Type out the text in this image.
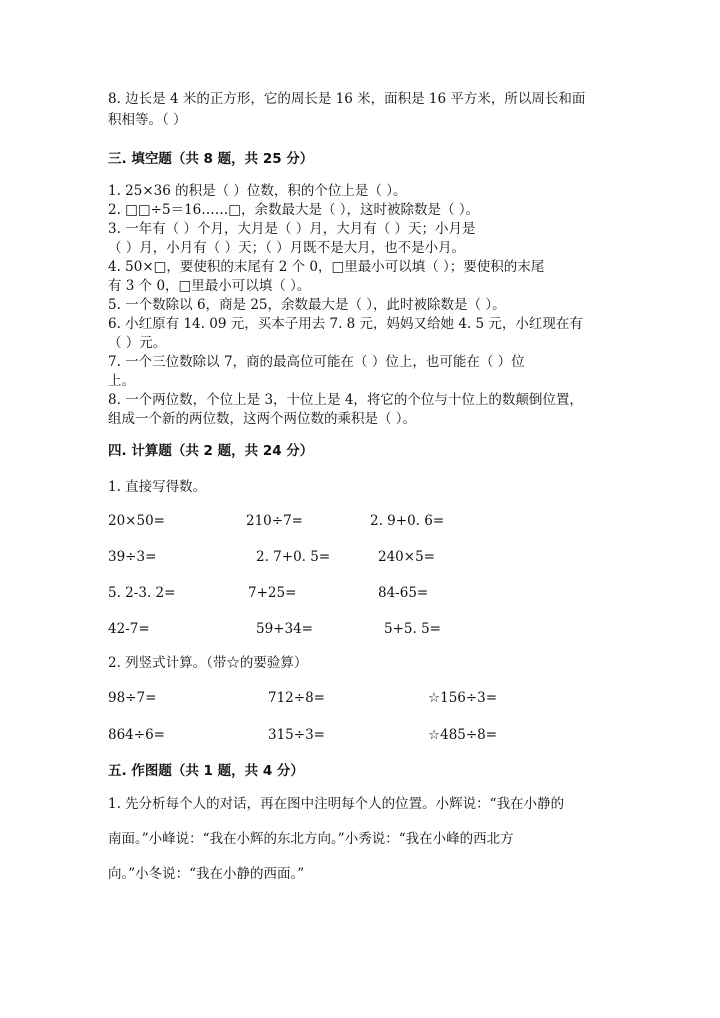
8. 边长是 4 米的正方形，它的周长是 16 米，面积是 16 平方米，所以周长和面
积相等。（ ）
三. 填空题（共 8 题，共 25 分）
1. 25×36 的积是（ ）位数，积的个位上是（ ）。
2. □□÷5＝16……□，余数最大是（ ），这时被除数是（ ）。
3. 一年有（ ）个月，大月是（ ）月，大月有（ ）天；小月是
（ ）月，小月有（ ）天；（ ）月既不是大月，也不是小月。
4. 50×□，要使积的末尾有 2 个 0，□里最小可以填（ ）；要使积的末尾
有 3 个 0，□里最小可以填（ ）。
5. 一个数除以 6，商是 25，余数最大是（ ），此时被除数是（ ）。
6. 小红原有 14. 09 元，买本子用去 7. 8 元，妈妈又给她 4. 5 元，小红现在有
（ ）元。
7. 一个三位数除以 7，商的最高位可能在（ ）位上，也可能在（ ）位
上。
8. 一个两位数，个位上是 3，十位上是 4，将它的个位与十位上的数颠倒位置，
组成一个新的两位数，这两个两位数的乘积是（ ）。
四. 计算题（共 2 题，共 24 分）
1. 直接写得数。
20×50=	210÷7=	2. 9+0. 6=
39÷3=	2. 7+0. 5=	240×5=
5. 2-3. 2=	7+25=	84-65=
42-7=	59+34=	5+5. 5=
2. 列竖式计算。（带☆的要验算）
98÷7=	712÷8=	☆156÷3=
864÷6=	315÷3=	☆485÷8=
五. 作图题（共 1 题，共 4 分）
1. 先分析每个人的对话，再在图中注明每个人的位置。小辉说：“我在小静的
南面。”小峰说：“我在小辉的东北方向。”小秀说：“我在小峰的西北方
向。”小冬说：“我在小静的西面。”
